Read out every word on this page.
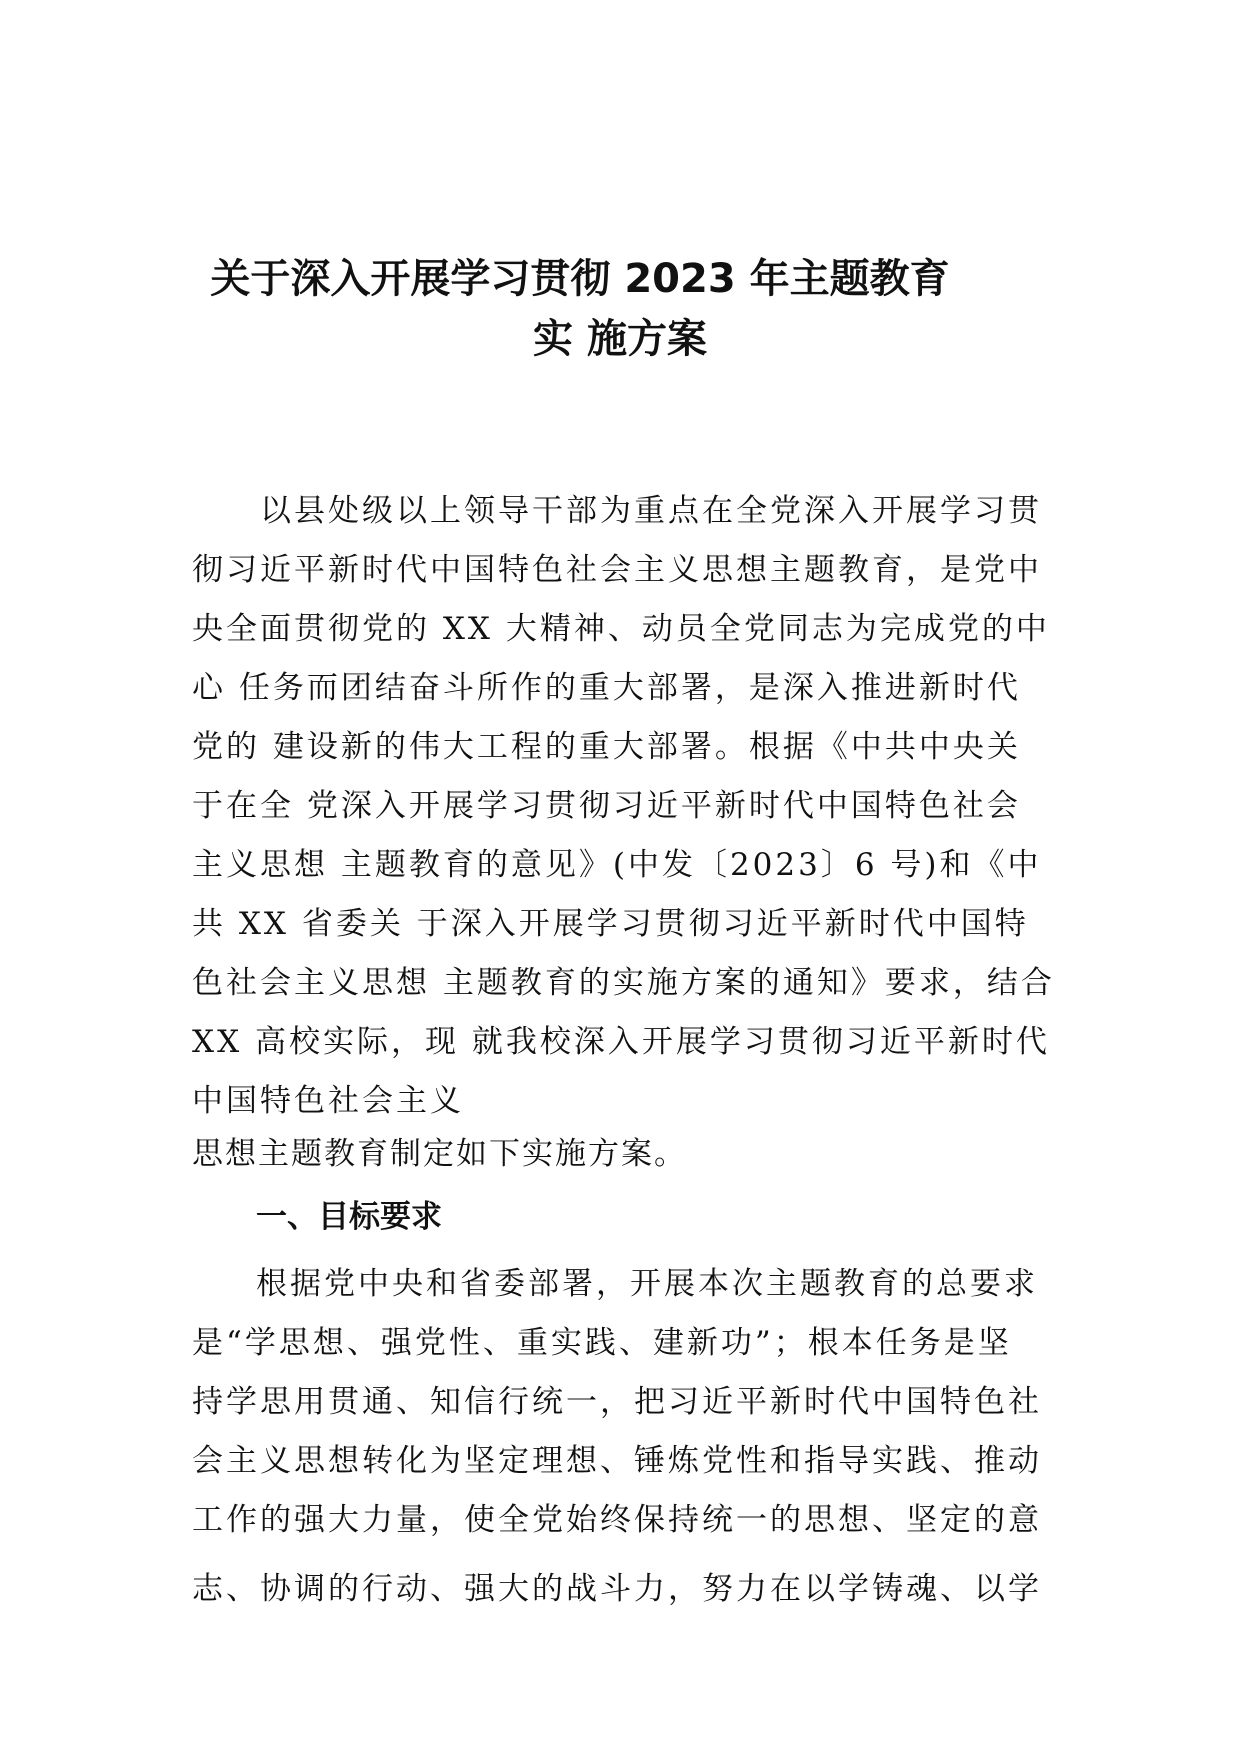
关于深入开展学习贯彻 2023 年主题教育
实 施方案
以县处级以上领导干部为重点在全党深入开展学习贯
彻习近平新时代中国特色社会主义思想主题教育，是党中
央全面贯彻党的 XX 大精神、动员全党同志为完成党的中
心 任务而团结奋斗所作的重大部署，是深入推进新时代
党的 建设新的伟大工程的重大部署。根据《中共中央关
于在全 党深入开展学习贯彻习近平新时代中国特色社会
主义思想 主题教育的意见》(中发〔2023〕6 号)和《中
共 XX 省委关 于深入开展学习贯彻习近平新时代中国特
色社会主义思想 主题教育的实施方案的通知》要求，结合
XX 高校实际，现 就我校深入开展学习贯彻习近平新时代
中国特色社会主义
思想主题教育制定如下实施方案。
一、目标要求
根据党中央和省委部署，开展本次主题教育的总要求
是“学思想、强党性、重实践、建新功”；根本任务是坚
持学思用贯通、知信行统一，把习近平新时代中国特色社
会主义思想转化为坚定理想、锤炼党性和指导实践、推动
工作的强大力量，使全党始终保持统一的思想、坚定的意
志、协调的行动、强大的战斗力，努力在以学铸魂、以学
